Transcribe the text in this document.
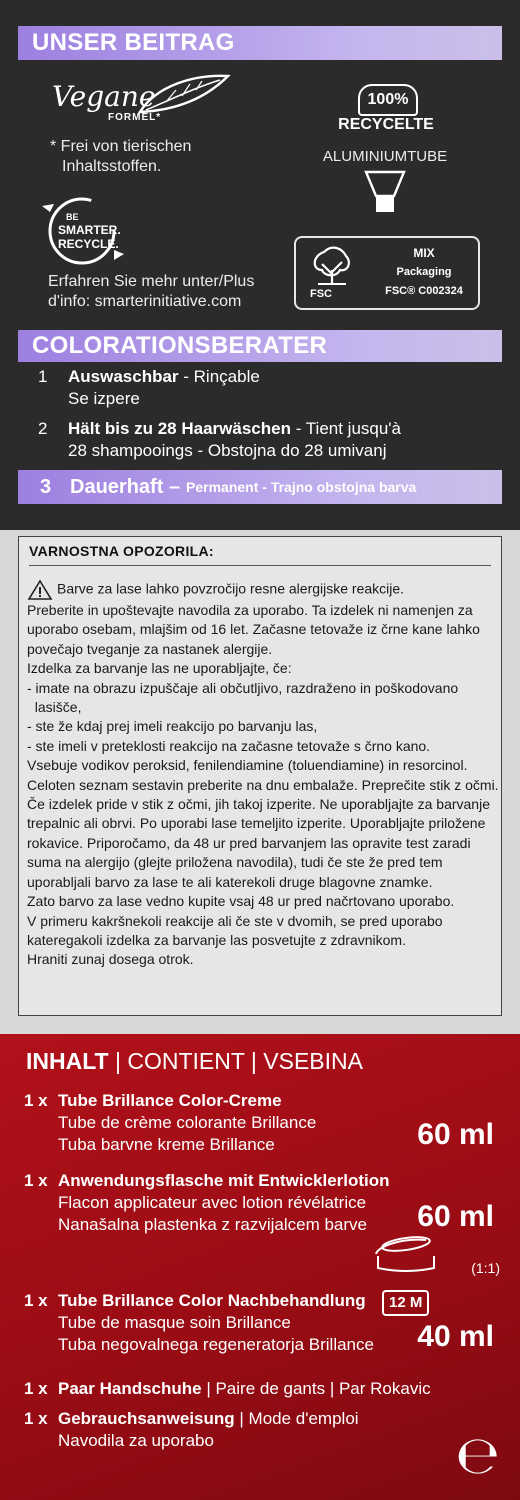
UNSER BEITRAG
Vegane
FORMEL*
* Frei von tierischen
Inhaltsstoffen.
BE
SMARTER.
RECYCLE.
Erfahren Sie mehr unter/Plus
d'info: smarterinitiative.com
100%
RECYCELTE
ALUMINIUMTUBE
FSC
MIX
Packaging
FSC® C002324
COLORATIONSBERATER
1	Auswaschbar - Rinçable
Se izpere
2	Hält bis zu 28 Haarwäschen - Tient jusqu'à
28 shampooings - Obstojna do 28 umivanj
3 Dauerhaft – Permanent - Trajno obstojna barva
VARNOSTNA OPOZORILA:
Barve za lase lahko povzročijo resne alergijske reakcije.
Preberite in upoštevajte navodila za uporabo. Ta izdelek ni namenjen za
uporabo osebam, mlajšim od 16 let. Začasne tetovaže iz črne kane lahko
povečajo tveganje za nastanek alergije.
Izdelka za barvanje las ne uporabljajte, če:
- imate na obrazu izpuščaje ali občutljivo, razdraženo in poškodovano
lasišče,
- ste že kdaj prej imeli reakcijo po barvanju las,
- ste imeli v preteklosti reakcijo na začasne tetovaže s črno kano.
Vsebuje vodikov peroksid, fenilendiamine (toluendiamine) in resorcinol.
Celoten seznam sestavin preberite na dnu embalaže. Preprečite stik z očmi.
Če izdelek pride v stik z očmi, jih takoj izperite. Ne uporabljajte za barvanje
trepalnic ali obrvi. Po uporabi lase temeljito izperite. Uporabljajte priložene
rokavice. Priporočamo, da 48 ur pred barvanjem las opravite test zaradi
suma na alergijo (glejte priložena navodila), tudi če ste že pred tem
uporabljali barvo za lase te ali katerekoli druge blagovne znamke.
Zato barvo za lase vedno kupite vsaj 48 ur pred načrtovano uporabo.
V primeru kakršnekoli reakcije ali če ste v dvomih, se pred uporabo
kateregakoli izdelka za barvanje las posvetujte z zdravnikom.
Hraniti zunaj dosega otrok.
INHALT | CONTIENT | VSEBINA
1 x Tube Brillance Color-Creme
Tube de crème colorante Brillance
Tuba barvne kreme Brillance	60 ml
1 x Anwendungsflasche mit Entwicklerlotion
Flacon applicateur avec lotion révélatrice
Nanašalna plastenka z razvijalcem barve	60 ml
(1:1)
1 x Tube Brillance Color Nachbehandlung
Tube de masque soin Brillance
Tuba negovalnega regeneratorja Brillance	40 ml
12 M
1 x Paar Handschuhe | Paire de gants | Par Rokavic
1 x Gebrauchsanweisung | Mode d'emploi
Navodila za uporabo	℮
